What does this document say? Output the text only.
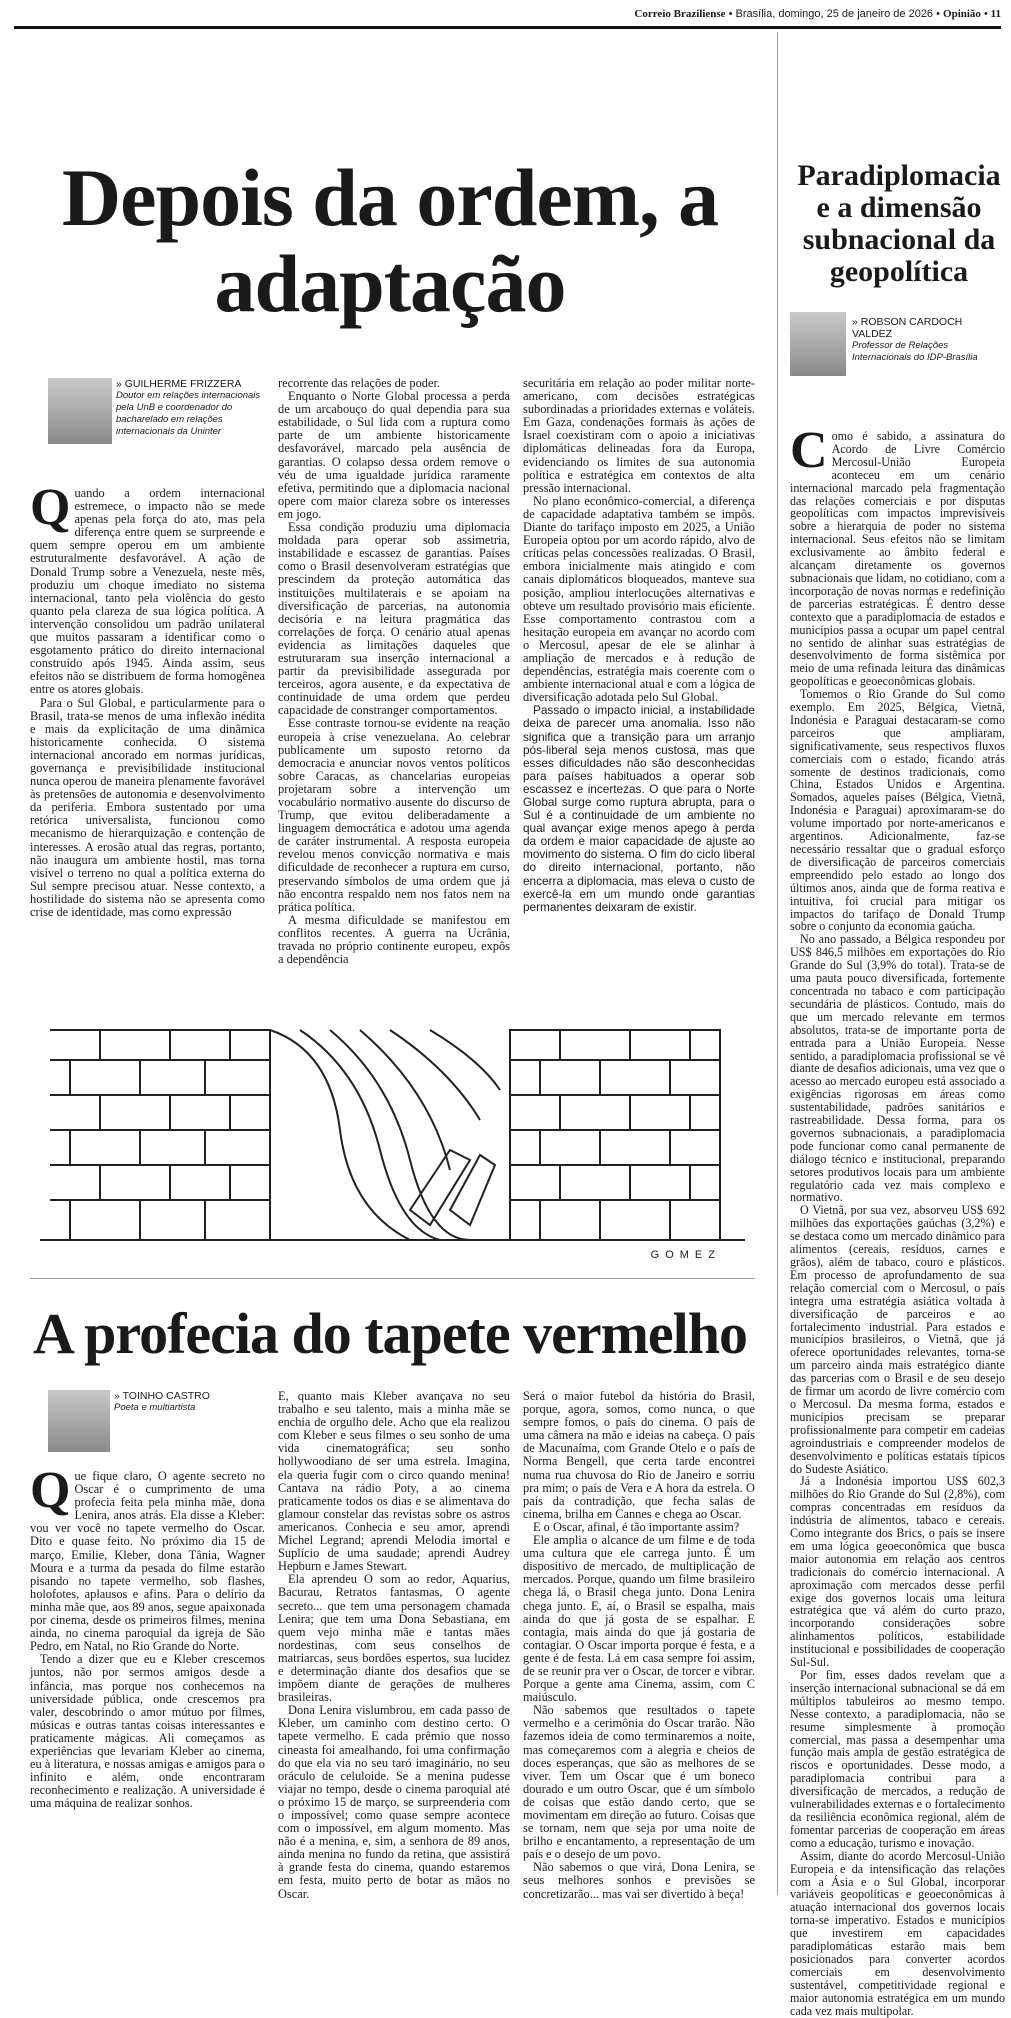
Correio Braziliense • Brasília, domingo, 25 de janeiro de 2026 • Opinião • 11
Depois da ordem, a adaptação
» GUILHERME FRIZZERA
Doutor em relações internacionais pela UnB e coordenador do bacharelado em relações internacionais da Uninter

Quando a ordem internacional estremece, o impacto não se mede apenas pela força do ato, mas pela diferença entre quem se surpreende e quem sempre operou em um ambiente estruturalmente desfavorável. A ação de Donald Trump sobre a Venezuela, neste mês, produziu um choque imediato no sistema internacional, tanto pela violência do gesto quanto pela clareza de sua lógica política. A intervenção consolidou um padrão unilateral que muitos passaram a identificar como o esgotamento prático do direito internacional construído após 1945. Ainda assim, seus efeitos não se distribuem de forma homogênea entre os atores globais.

Para o Sul Global, e particularmente para o Brasil, trata-se menos de uma inflexão inédita e mais da explicitação de uma dinâmica historicamente conhecida. O sistema internacional ancorado em normas jurídicas, governança e previsibilidade institucional nunca operou de maneira plenamente favorável às pretensões de autonomia e desenvolvimento da periferia. Embora sustentado por uma retórica universalista, funcionou como mecanismo de hierarquização e contenção de interesses. A erosão atual das regras, portanto, não inaugura um ambiente hostil, mas torna visível o terreno no qual a política externa do Sul sempre precisou atuar. Nesse contexto, a hostilidade do sistema não se apresenta como crise de identidade, mas como expressão

recorrente das relações de poder.

Enquanto o Norte Global processa a perda de um arcabouço do qual dependia para sua estabilidade, o Sul lida com a ruptura como parte de um ambiente historicamente desfavorável, marcado pela ausência de garantias. O colapso dessa ordem remove o véu de uma igualdade jurídica raramente efetiva, permitindo que a diplomacia nacional opere com maior clareza sobre os interesses em jogo.

Essa condição produziu uma diplomacia moldada para operar sob assimetria, instabilidade e escassez de garantias. Países como o Brasil desenvolveram estratégias que prescindem da proteção automática das instituições multilaterais e se apoiam na diversificação de parcerias, na autonomia decisória e na leitura pragmática das correlações de força. O cenário atual apenas evidencia as limitações daqueles que estruturaram sua inserção internacional a partir da previsibilidade assegurada por terceiros, agora ausente, e da expectativa de continuidade de uma ordem que perdeu capacidade de constranger comportamentos.

Esse contraste tornou-se evidente na reação europeia à crise venezuelana. Ao celebrar publicamente um suposto retorno da democracia e anunciar novos ventos políticos sobre Caracas, as chancelarias europeias projetaram sobre a intervenção um vocabulário normativo ausente do discurso de Trump, que evitou deliberadamente a linguagem democrática e adotou uma agenda de caráter instrumental. A resposta europeia revelou menos convicção normativa e mais dificuldade de reconhecer a ruptura em curso, preservando símbolos de uma ordem que já não encontra respaldo nem nos fatos nem na prática política.

A mesma dificuldade se manifestou em conflitos recentes. A guerra na Ucrânia, travada no próprio continente europeu, expôs a dependência

securitária em relação ao poder militar norte-americano, com decisões estratégicas subordinadas a prioridades externas e voláteis. Em Gaza, condenações formais às ações de Israel coexistiram com o apoio a iniciativas diplomáticas delineadas fora da Europa, evidenciando os limites de sua autonomia política e estratégica em contextos de alta pressão internacional.

No plano econômico-comercial, a diferença de capacidade adaptativa também se impôs. Diante do tarifaço imposto em 2025, a União Europeia optou por um acordo rápido, alvo de críticas pelas concessões realizadas. O Brasil, embora inicialmente mais atingido e com canais diplomáticos bloqueados, manteve sua posição, ampliou interlocuções alternativas e obteve um resultado provisório mais eficiente. Esse comportamento contrastou com a hesitação europeia em avançar no acordo com o Mercosul, apesar de ele se alinhar à ampliação de mercados e à redução de dependências, estratégia mais coerente com o ambiente internacional atual e com a lógica de diversificação adotada pelo Sul Global.

Passado o impacto inicial, a instabilidade deixa de parecer uma anomalia. Isso não significa que a transição para um arranjo pós-liberal seja menos custosa, mas que esses dificuldades não são desconhecidas para países habituados a operar sob escassez e incertezas. O que para o Norte Global surge como ruptura abrupta, para o Sul é a continuidade de um ambiente no qual avançar exige menos apego à perda da ordem e maior capacidade de ajuste ao movimento do sistema. O fim do ciclo liberal do direito internacional, portanto, não encerra a diplomacia, mas eleva o custo de exercê-la em um mundo onde garantias permanentes deixaram de existir.

GOMEZ
A profecia do tapete vermelho
» TOINHO CASTRO
Poeta e multiartista

Que fique claro, O agente secreto no Oscar é o cumprimento de uma profecia feita pela minha mãe, dona Lenira, anos atrás. Ela disse a Kleber: vou ver você no tapete vermelho do Oscar. Dito e quase feito. No próximo dia 15 de março, Emilie, Kleber, dona Tânia, Wagner Moura e a turma da pesada do filme estarão pisando no tapete vermelho, sob flashes, holofotes, aplausos e afins. Para o delírio da minha mãe que, aos 89 anos, segue apaixonada por cinema, desde os primeiros filmes, menina ainda, no cinema paroquial da igreja de São Pedro, em Natal, no Rio Grande do Norte.

Tendo a dizer que eu e Kleber crescemos juntos, não por sermos amigos desde a infância, mas porque nos conhecemos na universidade pública, onde crescemos pra valer, descobrindo o amor mútuo por filmes, músicas e outras tantas coisas interessantes e praticamente mágicas. Ali começamos as experiências que levariam Kleber ao cinema, eu à literatura, e nossas amigas e amigos para o infinito e além, onde encontraram reconhecimento e realização. A universidade é uma máquina de realizar sonhos.

E, quanto mais Kleber avançava no seu trabalho e seu talento, mais a minha mãe se enchia de orgulho dele. Acho que ela realizou com Kleber e seus filmes o seu sonho de uma vida cinematográfica; seu sonho hollywoodiano de ser uma estrela. Imagina, ela queria fugir com o circo quando menina! Cantava na rádio Poty, a ao cinema praticamente todos os dias e se alimentava do glamour constelar das revistas sobre os astros americanos. Conhecia e seu amor, aprendi Michel Legrand; aprendi Melodia imortal e Suplício de uma saudade; aprendi Audrey Hepburn e James Stewart.

Ela aprendeu O som ao redor, Aquarius, Bacurau, Retratos fantasmas, O agente secreto... que tem uma personagem chamada Lenira; que tem uma Dona Sebastiana, em quem vejo minha mãe e tantas mães nordestinas, com seus conselhos de matriarcas, seus bordões espertos, sua lucidez e determinação diante dos desafios que se impõem diante de gerações de mulheres brasileiras.

Dona Lenira vislumbrou, em cada passo de Kleber, um caminho com destino certo. O tapete vermelho. E cada prêmio que nosso cineasta foi amealhando, foi uma confirmação do que ela via no seu taró imaginário, no seu oráculo de celuloide. Se a menina pudesse viajar no tempo, desde o cinema paroquial até o próximo 15 de março, se surpreenderia com o impossível; como quase sempre acontece com o impossível, em algum momento. Mas não é a menina, e, sim, a senhora de 89 anos, ainda menina no fundo da retina, que assistirá à grande festa do cinema, quando estaremos em festa, muito perto de botar as mãos no Oscar.

Será o maior futebol da história do Brasil, porque, agora, somos, como nunca, o que sempre fomos, o país do cinema. O país de uma câmera na mão e ideias na cabeça. O país de Macunaíma, com Grande Otelo e o país de Norma Bengell, que certa tarde encontrei numa rua chuvosa do Rio de Janeiro e sorriu pra mim; o país de Vera e A hora da estrela. O país da contradição, que fecha salas de cinema, brilha em Cannes e chega ao Oscar.

E o Oscar, afinal, é tão importante assim?

Ele amplia o alcance de um filme e de toda uma cultura que ele carrega junto. É um dispositivo de mercado, de multiplicação de mercados. Porque, quando um filme brasileiro chega lá, o Brasil chega junto. Dona Lenira chega junto. E, aí, o Brasil se espalha, mais ainda do que já gosta de se espalhar. E contagia, mais ainda do que já gostaria de contagiar. O Oscar importa porque é festa, e a gente é de festa. Lá em casa sempre foi assim, de se reunir pra ver o Oscar, de torcer e vibrar. Porque a gente ama Cinema, assim, com C maiúsculo.

Não sabemos que resultados o tapete vermelho e a cerimônia do Oscar trarão. Não fazemos ideia de como terminaremos a noite, mas começaremos com a alegria e cheios de doces esperanças, que são as melhores de se viver. Tem um Oscar que é um boneco dourado e um outro Oscar, que é um símbolo de coisas que estão dando certo, que se movimentam em direção ao futuro. Coisas que se tornam, nem que seja por uma noite de brilho e encantamento, a representação de um país e o desejo de um povo.

Não sabemos o que virá, Dona Lenira, se seus melhores sonhos e previsões se concretizarão... mas vai ser divertido à beça!

Paradiplomacia e a dimensão subnacional da geopolítica
» ROBSON CARDOCH VALDEZ
Professor de Relações Internacionais do IDP-Brasília

Como é sabido, a assinatura do Acordo de Livre Comércio Mercosul-União Europeia aconteceu em um cenário internacional marcado pela fragmentação das relações comerciais e por disputas geopolíticas com impactos imprevisíveis sobre a hierarquia de poder no sistema internacional. Seus efeitos não se limitam exclusivamente ao âmbito federal e alcançam diretamente os governos subnacionais que lidam, no cotidiano, com a incorporação de novas normas e redefinição de parcerias estratégicas. É dentro desse contexto que a paradiplomacia de estados e municípios passa a ocupar um papel central no sentido de alinhar suas estratégias de desenvolvimento de forma sistêmica por meio de uma refinada leitura das dinâmicas geopolíticas e geoeconômicas globais.

Tomemos o Rio Grande do Sul como exemplo. Em 2025, Bélgica, Vietnã, Indonésia e Paraguai destacaram-se como parceiros que ampliaram, significativamente, seus respectivos fluxos comerciais com o estado, ficando atrás somente de destinos tradicionais, como China, Estados Unidos e Argentina. Somados, aqueles países (Bélgica, Vietnã, Indonésia e Paraguai) aproximaram-se do volume importado por norte-americanos e argentinos. Adicionalmente, faz-se necessário ressaltar que o gradual esforço de diversificação de parceiros comerciais empreendido pelo estado ao longo dos últimos anos, ainda que de forma reativa e intuitiva, foi crucial para mitigar os impactos do tarifaço de Donald Trump sobre o conjunto da economia gaúcha.

No ano passado, a Bélgica respondeu por US$ 846,5 milhões em exportações do Rio Grande do Sul (3,9% do total). Trata-se de uma pauta pouco diversificada, fortemente concentrada no tabaco e com participação secundária de plásticos. Contudo, mais do que um mercado relevante em termos absolutos, trata-se de importante porta de entrada para a União Europeia. Nesse sentido, a paradiplomacia profissional se vê diante de desafios adicionais, uma vez que o acesso ao mercado europeu está associado a exigências rigorosas em áreas como sustentabilidade, padrões sanitários e rastreabilidade. Dessa forma, para os governos subnacionais, a paradiplomacia pode funcionar como canal permanente de diálogo técnico e institucional, preparando setores produtivos locais para um ambiente regulatório cada vez mais complexo e normativo.

O Vietnã, por sua vez, absorveu US$ 692 milhões das exportações gaúchas (3,2%) e se destaca como um mercado dinâmico para alimentos (cereais, resíduos, carnes e grãos), além de tabaco, couro e plásticos. Em processo de aprofundamento de sua relação comercial com o Mercosul, o país integra uma estratégia asiática voltada à diversificação de parceiros e ao fortalecimento industrial. Para estados e municípios brasileiros, o Vietnã, que já oferece oportunidades relevantes, torna-se um parceiro ainda mais estratégico diante das parcerias com o Brasil e de seu desejo de firmar um acordo de livre comércio com o Mercosul. Da mesma forma, estados e municípios precisam se preparar profissionalmente para competir em cadeias agroindustriais e compreender modelos de desenvolvimento e políticas estatais típicos do Sudeste Asiático.

Já a Indonésia importou US$ 602,3 milhões do Rio Grande do Sul (2,8%), com compras concentradas em resíduos da indústria de alimentos, tabaco e cereais. Como integrante dos Brics, o país se insere em uma lógica geoeconômica que busca maior autonomia em relação aos centros tradicionais do comércio internacional. A aproximação com mercados desse perfil exige dos governos locais uma leitura estratégica que vá além do curto prazo, incorporando considerações sobre alinhamentos políticos, estabilidade institucional e possibilidades de cooperação Sul-Sul.

Por fim, esses dados revelam que a inserção internacional subnacional se dá em múltiplos tabuleiros ao mesmo tempo. Nesse contexto, a paradiplomacia, não se resume simplesmente à promoção comercial, mas passa a desempenhar uma função mais ampla de gestão estratégica de riscos e oportunidades. Desse modo, a paradiplomacia contribui para a diversificação de mercados, a redução de vulnerabilidades externas e o fortalecimento da resiliência econômica regional, além de fomentar parcerias de cooperação em áreas como a educação, turismo e inovação.

Assim, diante do acordo Mercosul-União Europeia e da intensificação das relações com a Ásia e o Sul Global, incorporar variáveis geopolíticas e geoeconômicas à atuação internacional dos governos locais torna-se imperativo. Estados e municípios que investirem em capacidades paradiplomáticas estarão mais bem posicionados para converter acordos comerciais em desenvolvimento sustentável, competitividade regional e maior autonomia estratégica em um mundo cada vez mais multipolar.
